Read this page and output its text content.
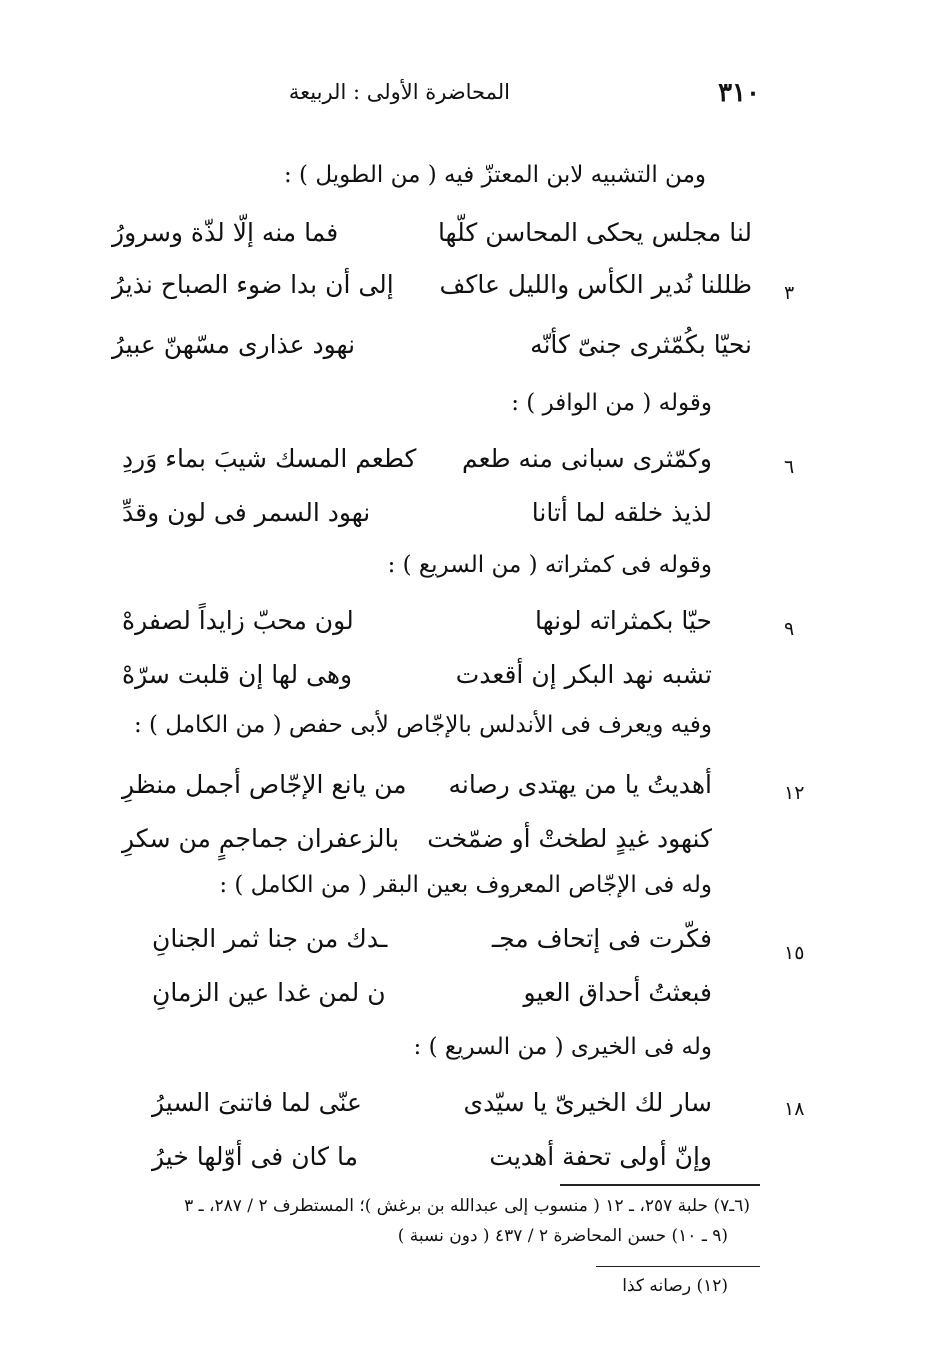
٣١٠
المحاضرة الأولى : الربيعة
ومن التشبيه لابن المعتزّ فيه ( من الطويل ) :
لنا مجلس يحكى المحاسن كلّها
فما منه إلّا لذّة وسرورُ
ظللنا نُدير الكأس والليل عاكف
إلى أن بدا ضوء الصباح نذيرُ	٣
نحيّا بكُمّثرى جنىّ كأنّه
نهود عذارى مسّهنّ عبيرُ
وقوله ( من الوافر ) :
وكمّثرى سبانى منه طعم
كطعم المسك شيبَ بماء وَردِ	٦
لذيذ خلقه لما أتانا
نهود السمر فى لون وقدِّ
وقوله فى كمثراته ( من السريع ) :
حيّا بكمثراته لونها
لون محبّ زايداً لصفرهْ	٩
تشبه نهد البكر إن أقعدت
وهى لها إن قلبت سرّهْ
وفيه ويعرف فى الأندلس بالإجّاص لأبى حفص ( من الكامل ) :
أهديتُ يا من يهتدى رصانه
من يانع الإجّاص أجمل منظرِ	١٢
كنهود غيدٍ لطختْ أو ضمّخت
بالزعفران جماجمٍ من سكرِ
وله فى الإجّاص المعروف بعين البقر ( من الكامل ) :
فكّرت فى إتحاف مجـ
ـدك من جنا ثمر الجنانِ	١٥
فبعثتُ أحداق العيو
ن لمن غدا عين الزمانِ
وله فى الخيرى ( من السريع ) :
سار لك الخيرىّ يا سيّدى
عنّى لما فاتنىَ السيرُ	١٨
وإنّ أولى تحفة أهديت
ما كان فى أوّلها خيرُ
(٦ـ٧) حلبة ٢٥٧، ـ ١٢ ( منسوب إلى عبدالله بن برغش )؛ المستطرف ٢ / ٢٨٧، ـ ٣
(٩ ـ ١٠) حسن المحاضرة ٢ / ٤٣٧ ( دون نسبة )
(١٢) رصانه كذا
